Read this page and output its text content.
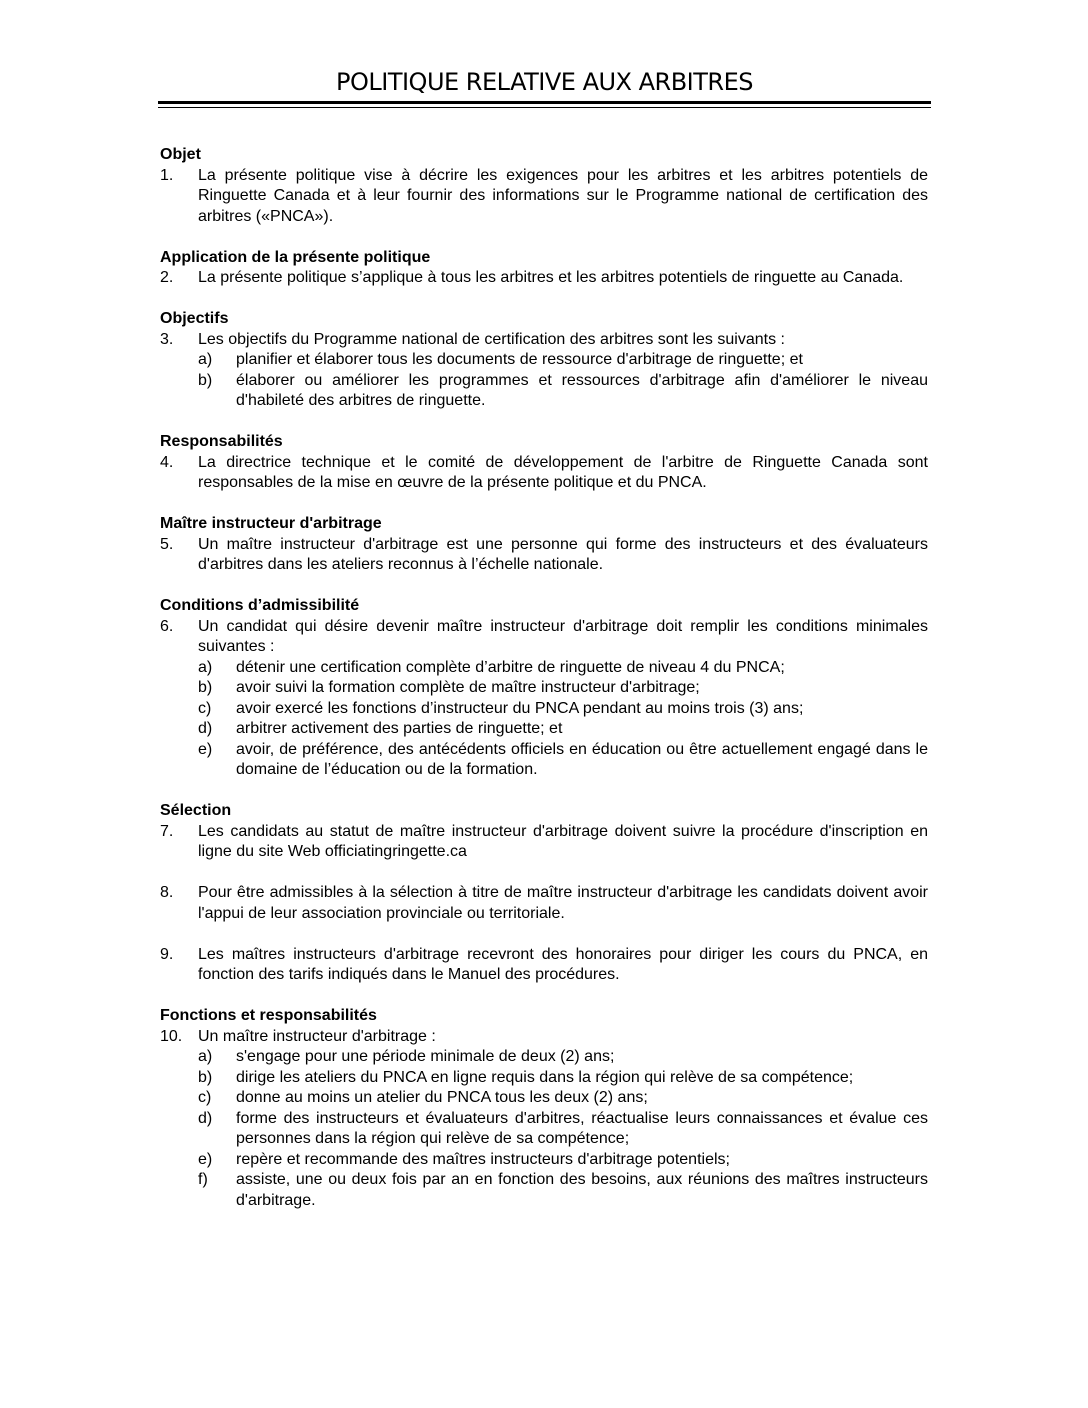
POLITIQUE RELATIVE AUX ARBITRES
Objet
1. La présente politique vise à décrire les exigences pour les arbitres et les arbitres potentiels de Ringuette Canada et à leur fournir des informations sur le Programme national de certification des arbitres («PNCA»).
Application de la présente politique
2. La présente politique s’applique à tous les arbitres et les arbitres potentiels de ringuette au Canada.
Objectifs
3. Les objectifs du Programme national de certification des arbitres sont les suivants :
a) planifier et élaborer tous les documents de ressource d'arbitrage de ringuette; et
b) élaborer ou améliorer les programmes et ressources d'arbitrage afin d'améliorer le niveau d'habileté des arbitres de ringuette.
Responsabilités
4. La directrice technique et le comité de développement de l'arbitre de Ringuette Canada sont responsables de la mise en œuvre de la présente politique et du PNCA.
Maître instructeur d'arbitrage
5. Un maître instructeur d'arbitrage est une personne qui forme des instructeurs et des évaluateurs d'arbitres dans les ateliers reconnus à l’échelle nationale.
Conditions d’admissibilité
6. Un candidat qui désire devenir maître instructeur d'arbitrage doit remplir les conditions minimales suivantes :
a) détenir une certification complète d’arbitre de ringuette de niveau 4 du PNCA;
b) avoir suivi la formation complète de maître instructeur d'arbitrage;
c) avoir exercé les fonctions d’instructeur du PNCA pendant au moins trois (3) ans;
d) arbitrer activement des parties de ringuette; et
e) avoir, de préférence, des antécédents officiels en éducation ou être actuellement engagé dans le domaine de l’éducation ou de la formation.
Sélection
7. Les candidats au statut de maître instructeur d'arbitrage doivent suivre la procédure d'inscription en ligne du site Web officiatingringette.ca
8. Pour être admissibles à la sélection à titre de maître instructeur d'arbitrage les candidats doivent avoir l'appui de leur association provinciale ou territoriale.
9. Les maîtres instructeurs d'arbitrage recevront des honoraires pour diriger les cours du PNCA, en fonction des tarifs indiqués dans le Manuel des procédures.
Fonctions et responsabilités
10. Un maître instructeur d'arbitrage :
a) s'engage pour une période minimale de deux (2) ans;
b) dirige les ateliers du PNCA en ligne requis dans la région qui relève de sa compétence;
c) donne au moins un atelier du PNCA tous les deux (2) ans;
d) forme des instructeurs et évaluateurs d'arbitres, réactualise leurs connaissances et évalue ces personnes dans la région qui relève de sa compétence;
e) repère et recommande des maîtres instructeurs d'arbitrage potentiels;
f) assiste, une ou deux fois par an en fonction des besoins, aux réunions des maîtres instructeurs d'arbitrage.
